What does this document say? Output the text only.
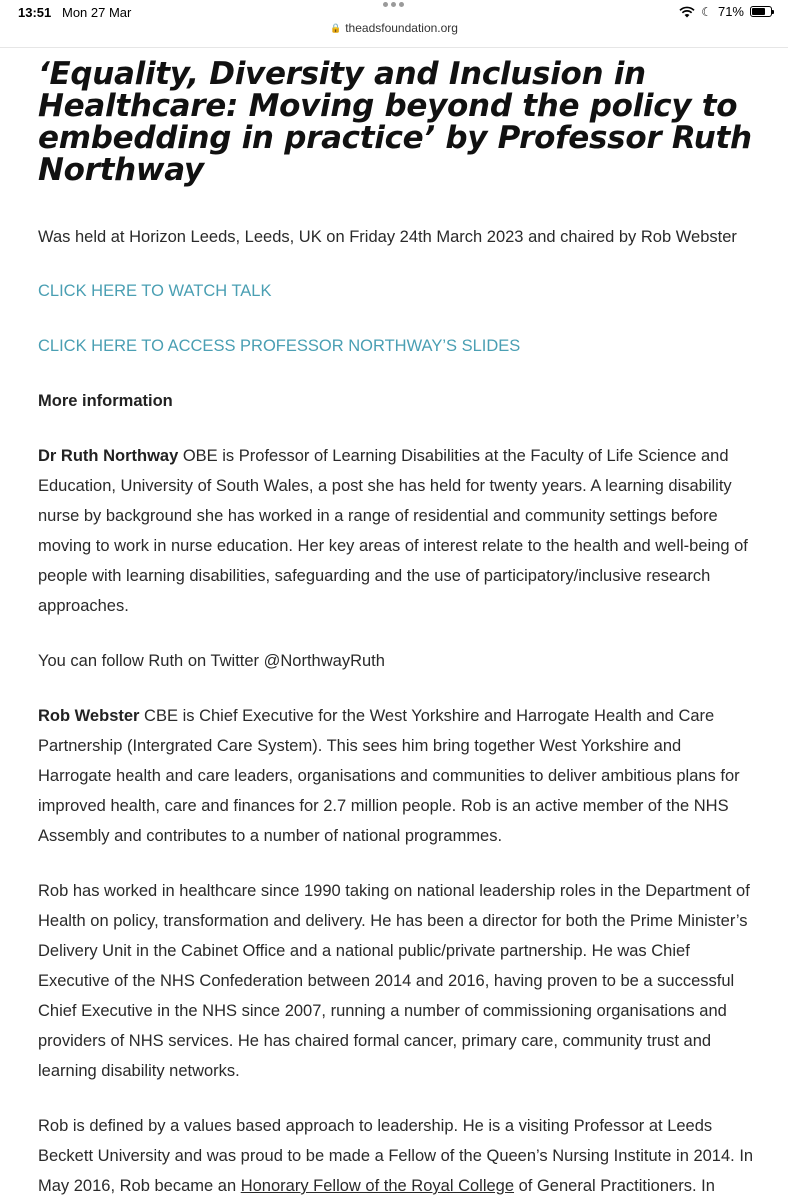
13:51 Mon 27 Mar
🔒 theadsfoundation.org
☾ 71%
‘Equality, Diversity and Inclusion in Healthcare: Moving beyond the policy to embedding in practice’ by Professor Ruth Northway

Was held at Horizon Leeds, Leeds, UK on Friday 24th March 2023 and chaired by Rob Webster

CLICK HERE TO WATCH TALK
CLICK HERE TO ACCESS PROFESSOR NORTHWAY’S SLIDES
More information

Dr Ruth Northway OBE is Professor of Learning Disabilities at the Faculty of Life Science and Education, University of South Wales, a post she has held for twenty years. A learning disability nurse by background she has worked in a range of residential and community settings before moving to work in nurse education. Her key areas of interest relate to the health and well-being of people with learning disabilities, safeguarding and the use of participatory/inclusive research approaches.

You can follow Ruth on Twitter @NorthwayRuth

Rob Webster CBE is Chief Executive for the West Yorkshire and Harrogate Health and Care Partnership (Intergrated Care System). This sees him bring together West Yorkshire and Harrogate health and care leaders, organisations and communities to deliver ambitious plans for improved health, care and finances for 2.7 million people. Rob is an active member of the NHS Assembly and contributes to a number of national programmes.

Rob has worked in healthcare since 1990 taking on national leadership roles in the Department of Health on policy, transformation and delivery. He has been a director for both the Prime Minister’s Delivery Unit in the Cabinet Office and a national public/private partnership. He was Chief Executive of the NHS Confederation between 2014 and 2016, having proven to be a successful Chief Executive in the NHS since 2007, running a number of commissioning organisations and providers of NHS services. He has chaired formal cancer, primary care, community trust and learning disability networks.

Rob is defined by a values based approach to leadership. He is a visiting Professor at Leeds Beckett University and was proud to be made a Fellow of the Queen’s Nursing Institute in 2014. In May 2016, Rob became an Honorary Fellow of the Royal College of General Practitioners. In
